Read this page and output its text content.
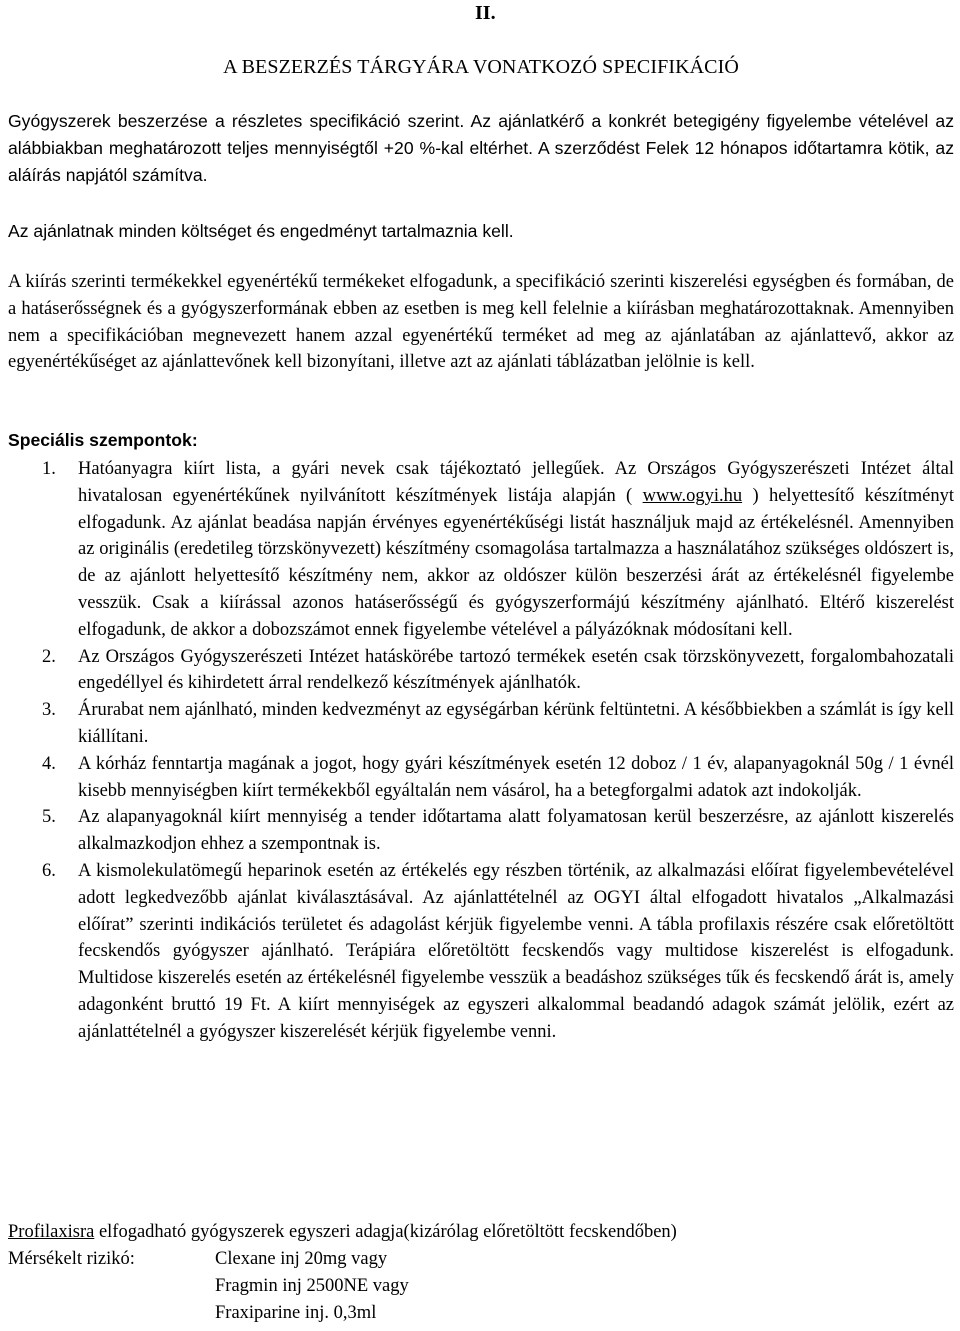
II.
A BESZERZÉS TÁRGYÁRA VONATKOZÓ SPECIFIKÁCIÓ
Gyógyszerek beszerzése a részletes specifikáció szerint. Az ajánlatkérő a konkrét betegigény figyelembe vételével az alábbiakban meghatározott teljes mennyiségtől +20 %-kal eltérhet. A szerződést Felek 12 hónapos időtartamra kötik, az aláírás napjától számítva.
Az ajánlatnak minden költséget és engedményt tartalmaznia kell.
A kiírás szerinti termékekkel egyenértékű termékeket elfogadunk, a specifikáció szerinti kiszerelési egységben és formában, de a hatáserősségnek és a gyógyszerformának ebben az esetben is meg kell felelnie a kiírásban meghatározottaknak. Amennyiben nem a specifikációban megnevezett hanem azzal egyenértékű terméket ad meg az ajánlatában az ajánlattevő, akkor az egyenértékűséget az ajánlattevőnek kell bizonyítani, illetve azt az ajánlati táblázatban jelölnie is kell.
Speciális szempontok:
1. Hatóanyagra kiírt lista, a gyári nevek csak tájékoztató jellegűek. Az Országos Gyógyszerészeti Intézet által hivatalosan egyenértékűnek nyilvánított készítmények listája alapján ( www.ogyi.hu ) helyettesítő készítményt elfogadunk. Az ajánlat beadása napján érvényes egyenértékűségi listát használjuk majd az értékelésnél. Amennyiben az originális (eredetileg törzskönyvezett) készítmény csomagolása tartalmazza a használatához szükséges oldószert is, de az ajánlott helyettesítő készítmény nem, akkor az oldószer külön beszerzési árát az értékelésnél figyelembe vesszük. Csak a kiírással azonos hatáserősségű és gyógyszerformájú készítmény ajánlható. Eltérő kiszerelést elfogadunk, de akkor a dobozszámot ennek figyelembe vételével a pályázóknak módosítani kell.
2. Az Országos Gyógyszerészeti Intézet hatáskörébe tartozó termékek esetén csak törzskönyvezett, forgalombahozatali engedéllyel és kihirdetett árral rendelkező készítmények ajánlhatók.
3. Árurabat nem ajánlható, minden kedvezményt az egységárban kérünk feltüntetni. A későbbiekben a számlát is így kell kiállítani.
4. A kórház fenntartja magának a jogot, hogy gyári készítmények esetén 12 doboz / 1 év, alapanyagoknál 50g / 1 évnél kisebb mennyiségben kiírt termékekből egyáltalán nem vásárol, ha a betegforgalmi adatok azt indokolják.
5. Az alapanyagoknál kiírt mennyiség a tender időtartama alatt folyamatosan kerül beszerzésre, az ajánlott kiszerelés alkalmazkodjon ehhez a szempontnak is.
6. A kismolekulatömegű heparinok esetén az értékelés egy részben történik, az alkalmazási előírat figyelembevételével adott legkedvezőbb ajánlat kiválasztásával. Az ajánlattételnél az OGYI által elfogadott hivatalos „Alkalmazási előírat” szerinti indikációs területet és adagolást kérjük figyelembe venni. A tábla profilaxis részére csak előretöltött fecskendős gyógyszer ajánlható. Terápiára előretöltött fecskendős vagy multidose kiszerelést is elfogadunk. Multidose kiszerelés esetén az értékelésnél figyelembe vesszük a beadáshoz szükséges tűk és fecskendő árát is, amely adagonként bruttó 19 Ft. A kiírt mennyiségek az egyszeri alkalommal beadandó adagok számát jelölik, ezért az ajánlattételnél a gyógyszer kiszerelését kérjük figyelembe venni.
Profilaxisra elfogadható gyógyszerek egyszeri adagja(kizárólag előretöltött fecskendőben)
Mérsékelt rizikó:	Clexane inj 20mg vagy
Fragmin inj 2500NE vagy
Fraxiparine inj. 0,3ml
